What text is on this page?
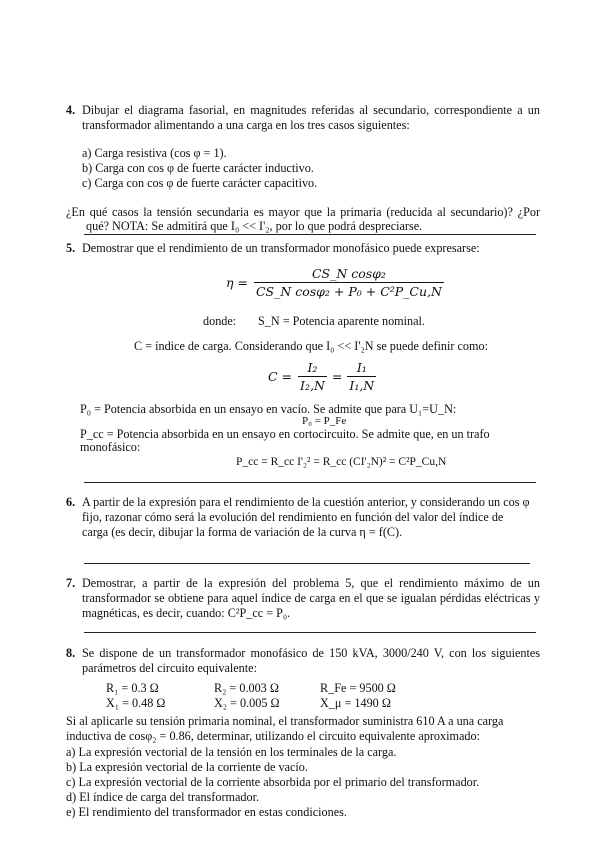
4. Dibujar el diagrama fasorial, en magnitudes referidas al secundario, correspondiente a un
transformador alimentando a una carga en los tres casos siguientes:
a) Carga resistiva (cos φ = 1).
b) Carga con cos φ de fuerte carácter inductivo.
c) Carga con cos φ de fuerte carácter capacitivo.
¿En qué casos la tensión secundaria es mayor que la primaria (reducida al secundario)? ¿Por
qué? NOTA: Se admitirá que I₀ << I'₂, por lo que podrá despreciarse.
5. Demostrar que el rendimiento de un transformador monofásico puede expresarse:
$\eta = \frac{\text{CS\_N cosφ₂}}{\text{CS\_N cosφ₂ + P₀ + C²P\_Cu,N}}$
donde: S_N = Potencia aparente nominal.
C = índice de carga. Considerando que I₀ << I'₂N se puede definir como:
$C = \frac{\text{I₂}}{\text{I₂,N}} = \frac{\text{I₁}}{\text{I₁,N}}$
P₀ = Potencia absorbida en un ensayo en vacío. Se admite que para U₁=U_N:
P₀ = P_Fe
P_cc = Potencia absorbida en un ensayo en cortocircuito. Se admite que, en un trafo
monofásico:
P_cc = R_cc I'₂² = R_cc (CI'₂N)² = C²P_Cu,N
6. A partir de la expresión para el rendimiento de la cuestión anterior, y considerando un cos φ
fijo, razonar cómo será la evolución del rendimiento en función del valor del índice de
carga (es decir, dibujar la forma de variación de la curva η = f(C).
7. Demostrar, a partir de la expresión del problema 5, que el rendimiento máximo de un
transformador se obtiene para aquel índice de carga en el que se igualan pérdidas eléctricas y
magnéticas, es decir, cuando: C²P_cc = P₀.
8. Se dispone de un transformador monofásico de 150 kVA, 3000/240 V, con los siguientes
parámetros del circuito equivalente:
R₁ = 0.3 Ω	R₂ = 0.003 Ω	R_Fe = 9500 Ω
X₁ = 0.48 Ω	X₂ = 0.005 Ω	X_μ = 1490 Ω
Si al aplicarle su tensión primaria nominal, el transformador suministra 610 A a una carga
inductiva de cosφ₂ = 0.86, determinar, utilizando el circuito equivalente aproximado:
a) La expresión vectorial de la tensión en los terminales de la carga.
b) La expresión vectorial de la corriente de vacío.
c) La expresión vectorial de la corriente absorbida por el primario del transformador.
d) El índice de carga del transformador.
e) El rendimiento del transformador en estas condiciones.
